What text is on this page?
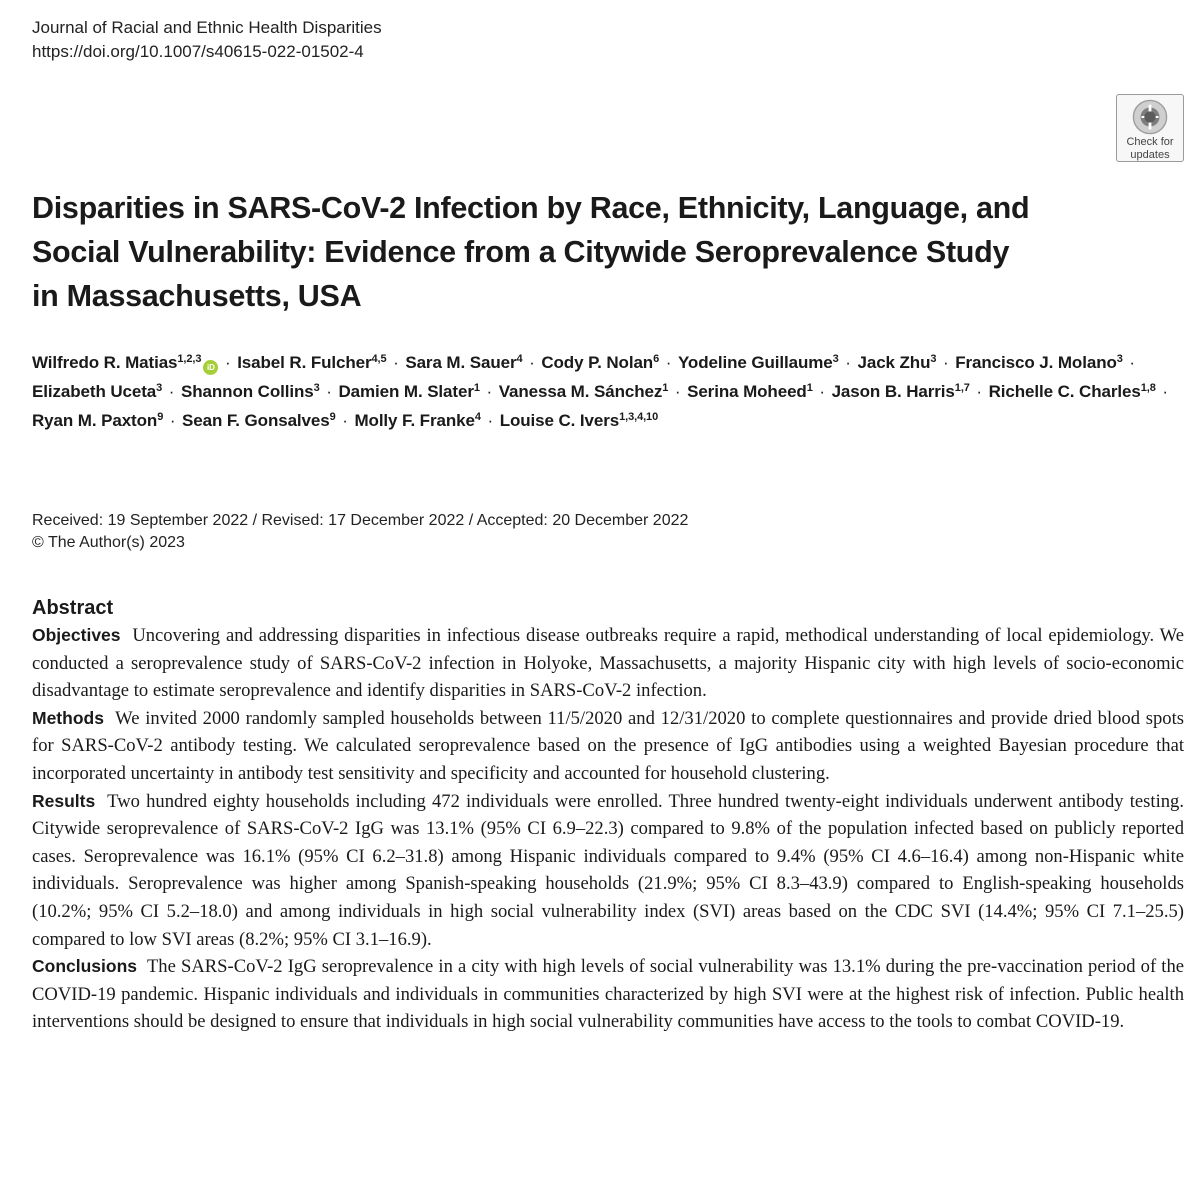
Journal of Racial and Ethnic Health Disparities
https://doi.org/10.1007/s40615-022-01502-4
Check for
updates
Disparities in SARS-CoV-2 Infection by Race, Ethnicity, Language, and Social Vulnerability: Evidence from a Citywide Seroprevalence Study in Massachusetts, USA
Wilfredo R. Matias$^{1,2,3}$iD · Isabel R. Fulcher$^{4,5}$ · Sara M. Sauer$^4$ · Cody P. Nolan$^6$ · Yodeline Guillaume$^3$ · Jack Zhu$^3$ · Francisco J. Molano$^3$ · Elizabeth Uceta$^3$ · Shannon Collins$^3$ · Damien M. Slater$^1$ · Vanessa M. Sánchez$^1$ · Serina Moheed$^1$ · Jason B. Harris$^{1,7}$ · Richelle C. Charles$^{1,8}$ · Ryan M. Paxton$^9$ · Sean F. Gonsalves$^9$ · Molly F. Franke$^4$ · Louise C. Ivers$^{1,3,4,10}$
Received: 19 September 2022 / Revised: 17 December 2022 / Accepted: 20 December 2022
© The Author(s) 2023
Abstract

Objectives Uncovering and addressing disparities in infectious disease outbreaks require a rapid, methodical understanding of local epidemiology. We conducted a seroprevalence study of SARS-CoV-2 infection in Holyoke, Massachusetts, a majority Hispanic city with high levels of socio-economic disadvantage to estimate seroprevalence and identify disparities in SARS-CoV-2 infection.

Methods We invited 2000 randomly sampled households between 11/5/2020 and 12/31/2020 to complete questionnaires and provide dried blood spots for SARS-CoV-2 antibody testing. We calculated seroprevalence based on the presence of IgG antibodies using a weighted Bayesian procedure that incorporated uncertainty in antibody test sensitivity and specificity and accounted for household clustering.

Results Two hundred eighty households including 472 individuals were enrolled. Three hundred twenty-eight individuals underwent antibody testing. Citywide seroprevalence of SARS-CoV-2 IgG was 13.1% (95% CI 6.9–22.3) compared to 9.8% of the population infected based on publicly reported cases. Seroprevalence was 16.1% (95% CI 6.2–31.8) among Hispanic individuals compared to 9.4% (95% CI 4.6–16.4) among non-Hispanic white individuals. Seroprevalence was higher among Spanish-speaking households (21.9%; 95% CI 8.3–43.9) compared to English-speaking households (10.2%; 95% CI 5.2–18.0) and among individuals in high social vulnerability index (SVI) areas based on the CDC SVI (14.4%; 95% CI 7.1–25.5) compared to low SVI areas (8.2%; 95% CI 3.1–16.9).

Conclusions The SARS-CoV-2 IgG seroprevalence in a city with high levels of social vulnerability was 13.1% during the pre-vaccination period of the COVID-19 pandemic. Hispanic individuals and individuals in communities characterized by high SVI were at the highest risk of infection. Public health interventions should be designed to ensure that individuals in high social vulnerability communities have access to the tools to combat COVID-19.
